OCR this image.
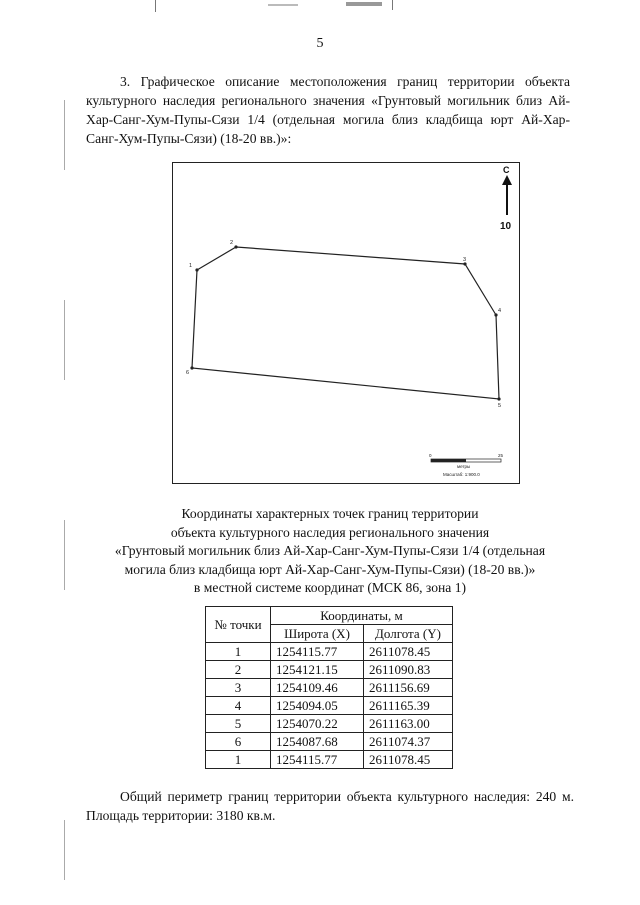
5
3. Графическое описание местоположения границ территории объекта культурного наследия регионального значения «Грунтовый могильник близ Ай-Хар-Санг-Хум-Пупы-Сязи 1/4 (отдельная могила близ кладбища юрт Ай-Хар-Санг-Хум-Пупы-Сязи) (18-20 вв.)»:
1
2
3
4
5
6
С
10
0	25
метры
Масштаб: 1:900.0
Координаты характерных точек границ территории
объекта культурного наследия регионального значения
«Грунтовый могильник близ Ай-Хар-Санг-Хум-Пупы-Сязи 1/4 (отдельная
могила близ кладбища юрт Ай-Хар-Санг-Хум-Пупы-Сязи) (18-20 вв.)»
в местной системе координат (МСК 86, зона 1)
№ точки	Координаты, м	
	Широта (X)	Долгота (Y)
1	1254115.77	2611078.45
2	1254121.15	2611090.83
3	1254109.46	2611156.69
4	1254094.05	2611165.39
5	1254070.22	2611163.00
6	1254087.68	2611074.37
1	1254115.77	2611078.45
Общий периметр границ территории объекта культурного наследия: 240 м. Площадь территории: 3180 кв.м.
